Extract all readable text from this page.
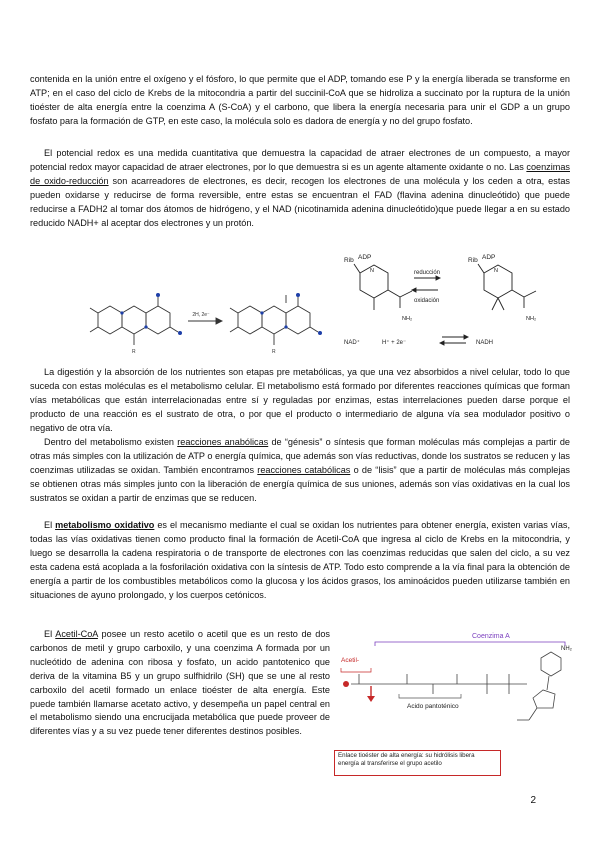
contenida en la unión entre el oxígeno y el fósforo, lo que permite que el ADP, tomando ese P y la energía liberada se transforme en ATP; en el caso del ciclo de Krebs de la mitocondria a partir del succinil-CoA que se hidroliza a succinato por la ruptura de la unión tioéster de alta energía entre la coenzima A (S-CoA) y el carbono, que libera la energía necesaria para unir el GDP a un grupo fosfato para la formación de GTP, en este caso, la molécula solo es dadora de energía y no del grupo fosfato.

El potencial redox es una medida cuantitativa que demuestra la capacidad de atraer electrones de un compuesto, a mayor potencial redox mayor capacidad de atraer electrones, por lo que demuestra si es un agente altamente oxidante o no. Las coenzimas de oxido-reducción son acarreadores de electrones, es decir, recogen los electrones de una molécula y los ceden a otra, estas pueden oxidarse y reducirse de forma reversible, entre estas se encuentran el FAD (flavina adenina dinucleótido) que puede reducirse a FADH2 al tomar dos átomos de hidrógeno, y el NAD (nicotinamida adenina dinucleótido)que puede llegar a en su estado reducido NADH+ al aceptar dos electrones y un protón.

2H, 2e⁻
R	R
Rib ADP	Rib ADP
N	N
NH₂	NH₂
reducción
oxidación
NAD⁺	H⁺ + 2e⁻	NADH

La digestión y la absorción de los nutrientes son etapas pre metabólicas, ya que una vez absorbidos a nivel celular, todo lo que suceda con estas moléculas es el metabolismo celular. El metabolismo está formado por diferentes reacciones químicas que forman vías metabólicas que están interrelacionadas entre sí y reguladas por enzimas, estas interrelaciones pueden darse porque el producto de una reacción es el sustrato de otra, o por que el producto o intermediario de alguna vía sea modulador positivo o negativo de otra vía.

Dentro del metabolismo existen reacciones anabólicas de “génesis” o síntesis que forman moléculas más complejas a partir de otras más simples con la utilización de ATP o energía química, que además son vías reductivas, donde los sustratos se reducen y las coenzimas utilizadas se oxidan. También encontramos reacciones catabólicas o de “lisis” que a partir de moléculas más complejas se obtienen otras más simples junto con la liberación de energía química de sus uniones, además son vías oxidativas en la cual los sustratos se oxidan a partir de enzimas que se reducen.

El metabolismo oxidativo es el mecanismo mediante el cual se oxidan los nutrientes para obtener energía, existen varias vías, todas las vías oxidativas tienen como producto final la formación de Acetil-CoA que ingresa al ciclo de Krebs en la mitocondria, y luego se desarrolla la cadena respiratoria o de transporte de electrones con las coenzimas reducidas que salen del ciclo, a su vez esta cadena está acoplada a la fosforilación oxidativa con la síntesis de ATP. Todo esto comprende a la vía final para la obtención de energía a partir de los combustibles metabólicos como la glucosa y los ácidos grasos, los aminoácidos pueden utilizarse también en situaciones de ayuno prolongado, y los cuerpos cetónicos.

El Acetil-CoA posee un resto acetilo o acetil que es un resto de dos carbonos de metil y grupo carboxilo, y una coenzima A formada por un nucleótido de adenina con ribosa y fosfato, un acido pantotenico que deriva de la vitamina B5 y un grupo sulfhidrilo (SH) que se une al resto carboxilo del acetil formado un enlace tioéster de alta energía. Este puede también llamarse acetato activo, y desempeña un papel central en el metabolismo siendo una encrucijada metabólica que puede proveer de diferentes vías y a su vez puede tener diferentes destinos posibles.

Coenzima A
Acetil-
Acido pantoténico
NH₂
Enlace tioéster de alta energía: su hidrólisis libera energía al transferirse el grupo acetilo
2
